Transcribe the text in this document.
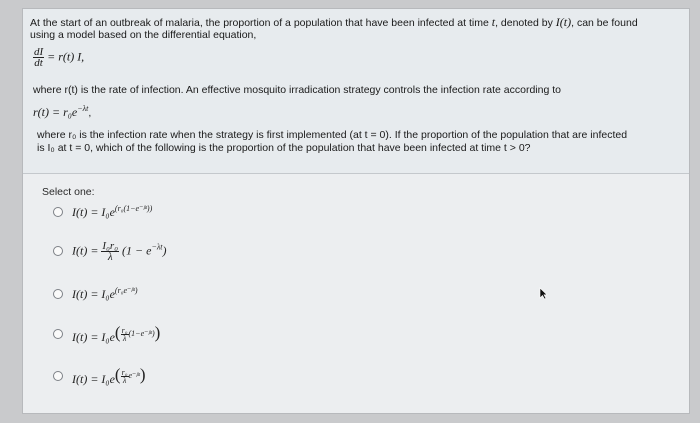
At the start of an outbreak of malaria, the proportion of a population that have been infected at time t, denoted by I(t), can be found
using a model based on the differential equation,
$\frac{dI}{dt} = r(t)$ I,
where r(t) is the rate of infection. An effective mosquito irradication strategy controls the infection rate according to
$r(t) = r_0e^{-\lambda t}$,
where r₀ is the infection rate when the strategy is first implemented (at t = 0). If the proportion of the population that are infected
is I₀ at t = 0, which of the following is the proportion of the population that have been infected at time t > 0?
Select one:
$I(t) = I_0e^{(r_0(1-e^-ᵝᵗ))}$
$I(t) = \frac{\text{I₀r₀}}{\lambda} (1 - e^{-\lambda t})$
$I(t) = I_0e^{(r_0e^-ᵝᵗ)}$
$I(t) = I_0e^{( \frac{\text{r₀}}{\lambda} (1-e^-ᵝᵗ))}$
$I(t) = I_0e^{( \frac{\text{r₀}}{\lambda} e^-ᵝᵗ)}$
